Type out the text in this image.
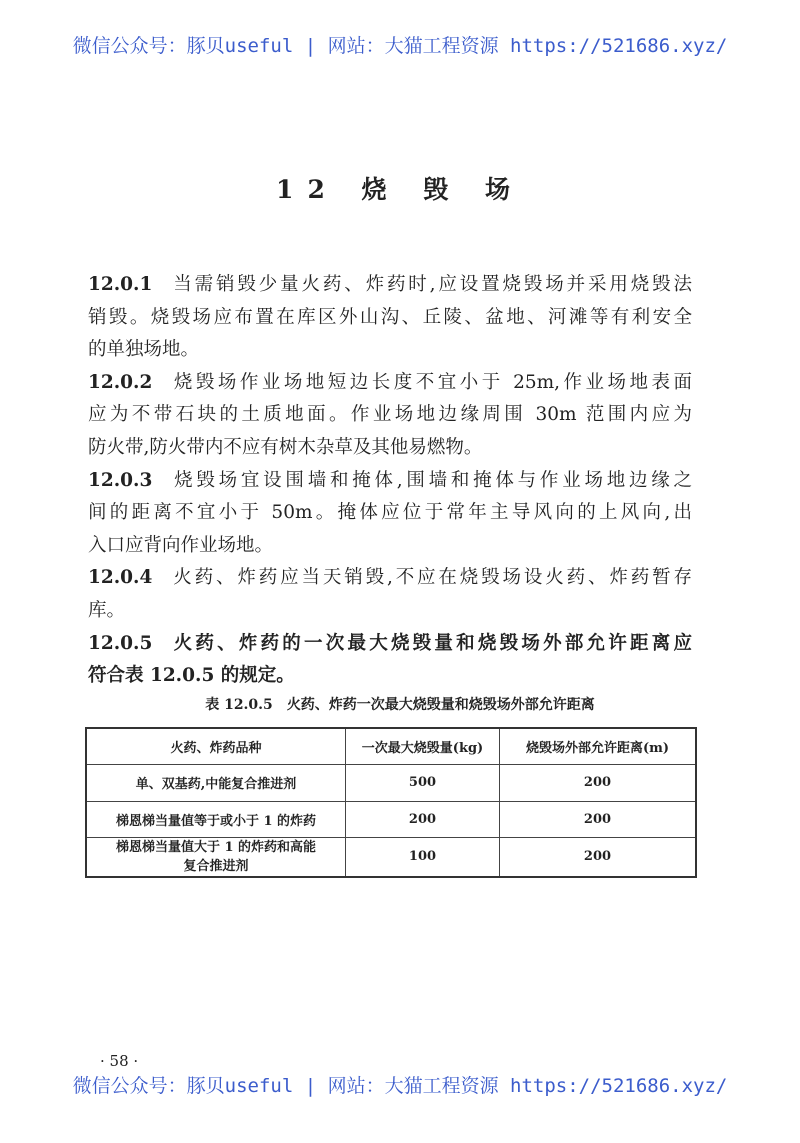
微信公众号：豚贝useful | 网站：大猫工程资源 https://521686.xyz/
12 烧 毁 场
12.0.1 当需销毁少量火药、炸药时,应设置烧毁场并采用烧毁法
销毁。烧毁场应布置在库区外山沟、丘陵、盆地、河滩等有利安全
的单独场地。
12.0.2 烧毁场作业场地短边长度不宜小于 25m,作业场地表面
应为不带石块的土质地面。作业场地边缘周围 30m 范围内应为
防火带,防火带内不应有树木杂草及其他易燃物。
12.0.3 烧毁场宜设围墙和掩体,围墙和掩体与作业场地边缘之
间的距离不宜小于 50m。掩体应位于常年主导风向的上风向,出
入口应背向作业场地。
12.0.4 火药、炸药应当天销毁,不应在烧毁场设火药、炸药暂存
库。
12.0.5 火药、炸药的一次最大烧毁量和烧毁场外部允许距离应
符合表 12.0.5 的规定。
表 12.0.5　火药、炸药一次最大烧毁量和烧毁场外部允许距离
火药、炸药品种	一次最大烧毁量(kg)	烧毁场外部允许距离(m)
单、双基药,中能复合推进剂	500	200
梯恩梯当量值等于或小于 1 的炸药	200	200
梯恩梯当量值大于 1 的炸药和高能复合推进剂	100	200
· 58 ·
微信公众号：豚贝useful | 网站：大猫工程资源 https://521686.xyz/
